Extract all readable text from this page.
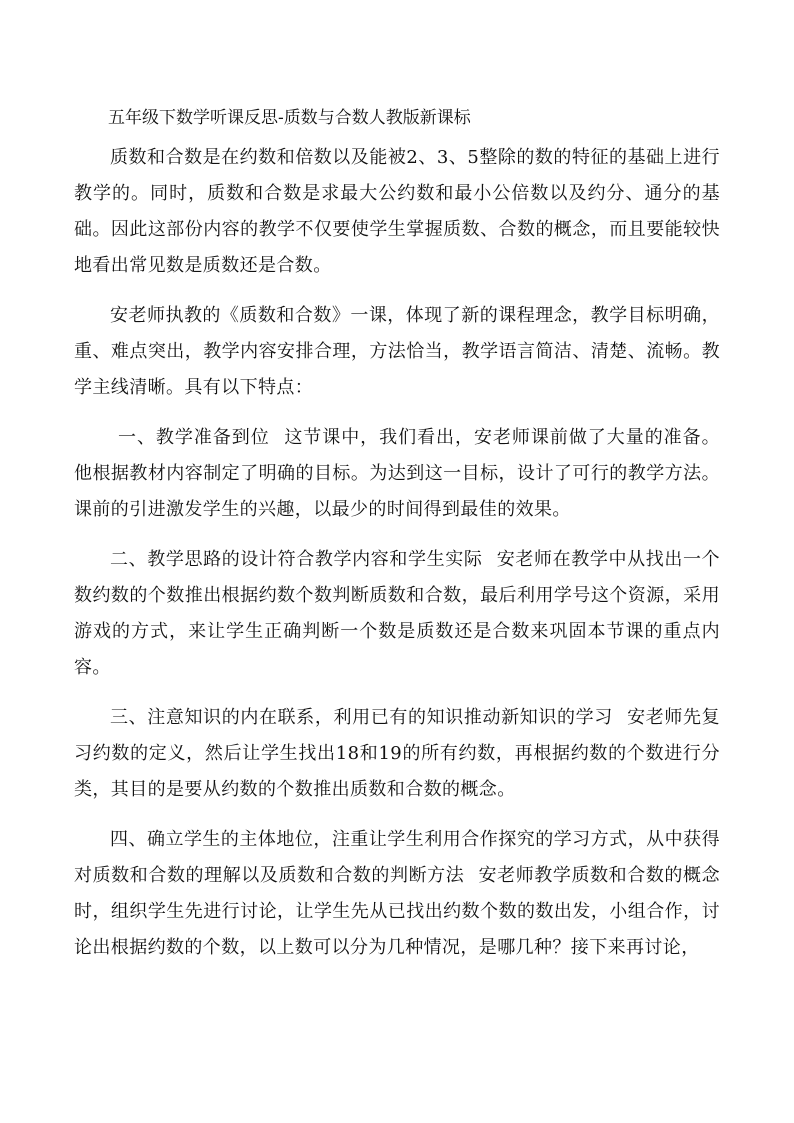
五年级下数学听课反思-质数与合数人教版新课标

质数和合数是在约数和倍数以及能被2、3、5整除的数的特征的基础上进行教学的。同时，质数和合数是求最大公约数和最小公倍数以及约分、通分的基础。因此这部份内容的教学不仅要使学生掌握质数、合数的概念，而且要能较快地看出常见数是质数还是合数。

安老师执教的《质数和合数》一课，体现了新的课程理念，教学目标明确，重、难点突出，教学内容安排合理，方法恰当，教学语言简洁、清楚、流畅。教学主线清晰。具有以下特点：

一、教学准备到位 这节课中，我们看出，安老师课前做了大量的准备。他根据教材内容制定了明确的目标。为达到这一目标，设计了可行的教学方法。课前的引进激发学生的兴趣，以最少的时间得到最佳的效果。

二、教学思路的设计符合教学内容和学生实际 安老师在教学中从找出一个数约数的个数推出根据约数个数判断质数和合数，最后利用学号这个资源，采用游戏的方式，来让学生正确判断一个数是质数还是合数来巩固本节课的重点内容。

三、注意知识的内在联系，利用已有的知识推动新知识的学习 安老师先复习约数的定义，然后让学生找出18和19的所有约数，再根据约数的个数进行分类，其目的是要从约数的个数推出质数和合数的概念。

四、确立学生的主体地位，注重让学生利用合作探究的学习方式，从中获得对质数和合数的理解以及质数和合数的判断方法 安老师教学质数和合数的概念时，组织学生先进行讨论，让学生先从已找出约数个数的数出发，小组合作，讨论出根据约数的个数，以上数可以分为几种情况，是哪几种？接下来再讨论，
